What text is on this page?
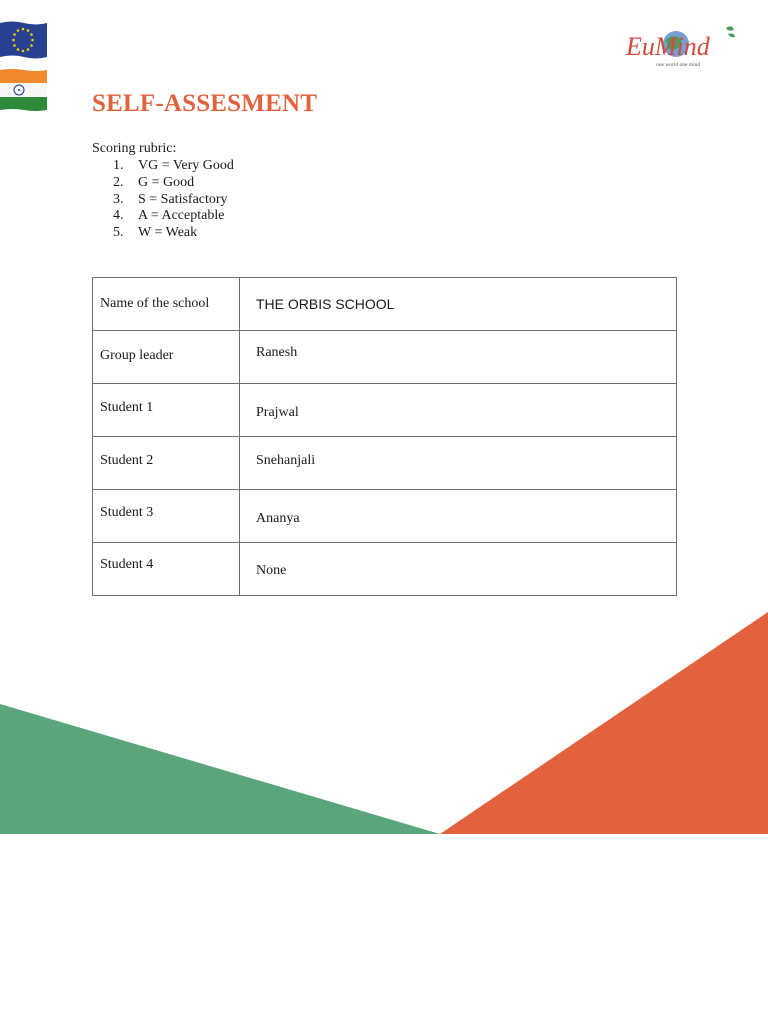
EuMind
one world one mind
SELF-ASSESMENT
Scoring rubric:
1. VG = Very Good
2. G = Good
3. S = Satisfactory
4. A = Acceptable
5. W = Weak
Name of the school	THE ORBIS SCHOOL

Group leader	Ranesh

Student 1	Prajwal

Student 2	Snehanjali

Student 3	Ananya

Student 4	None
